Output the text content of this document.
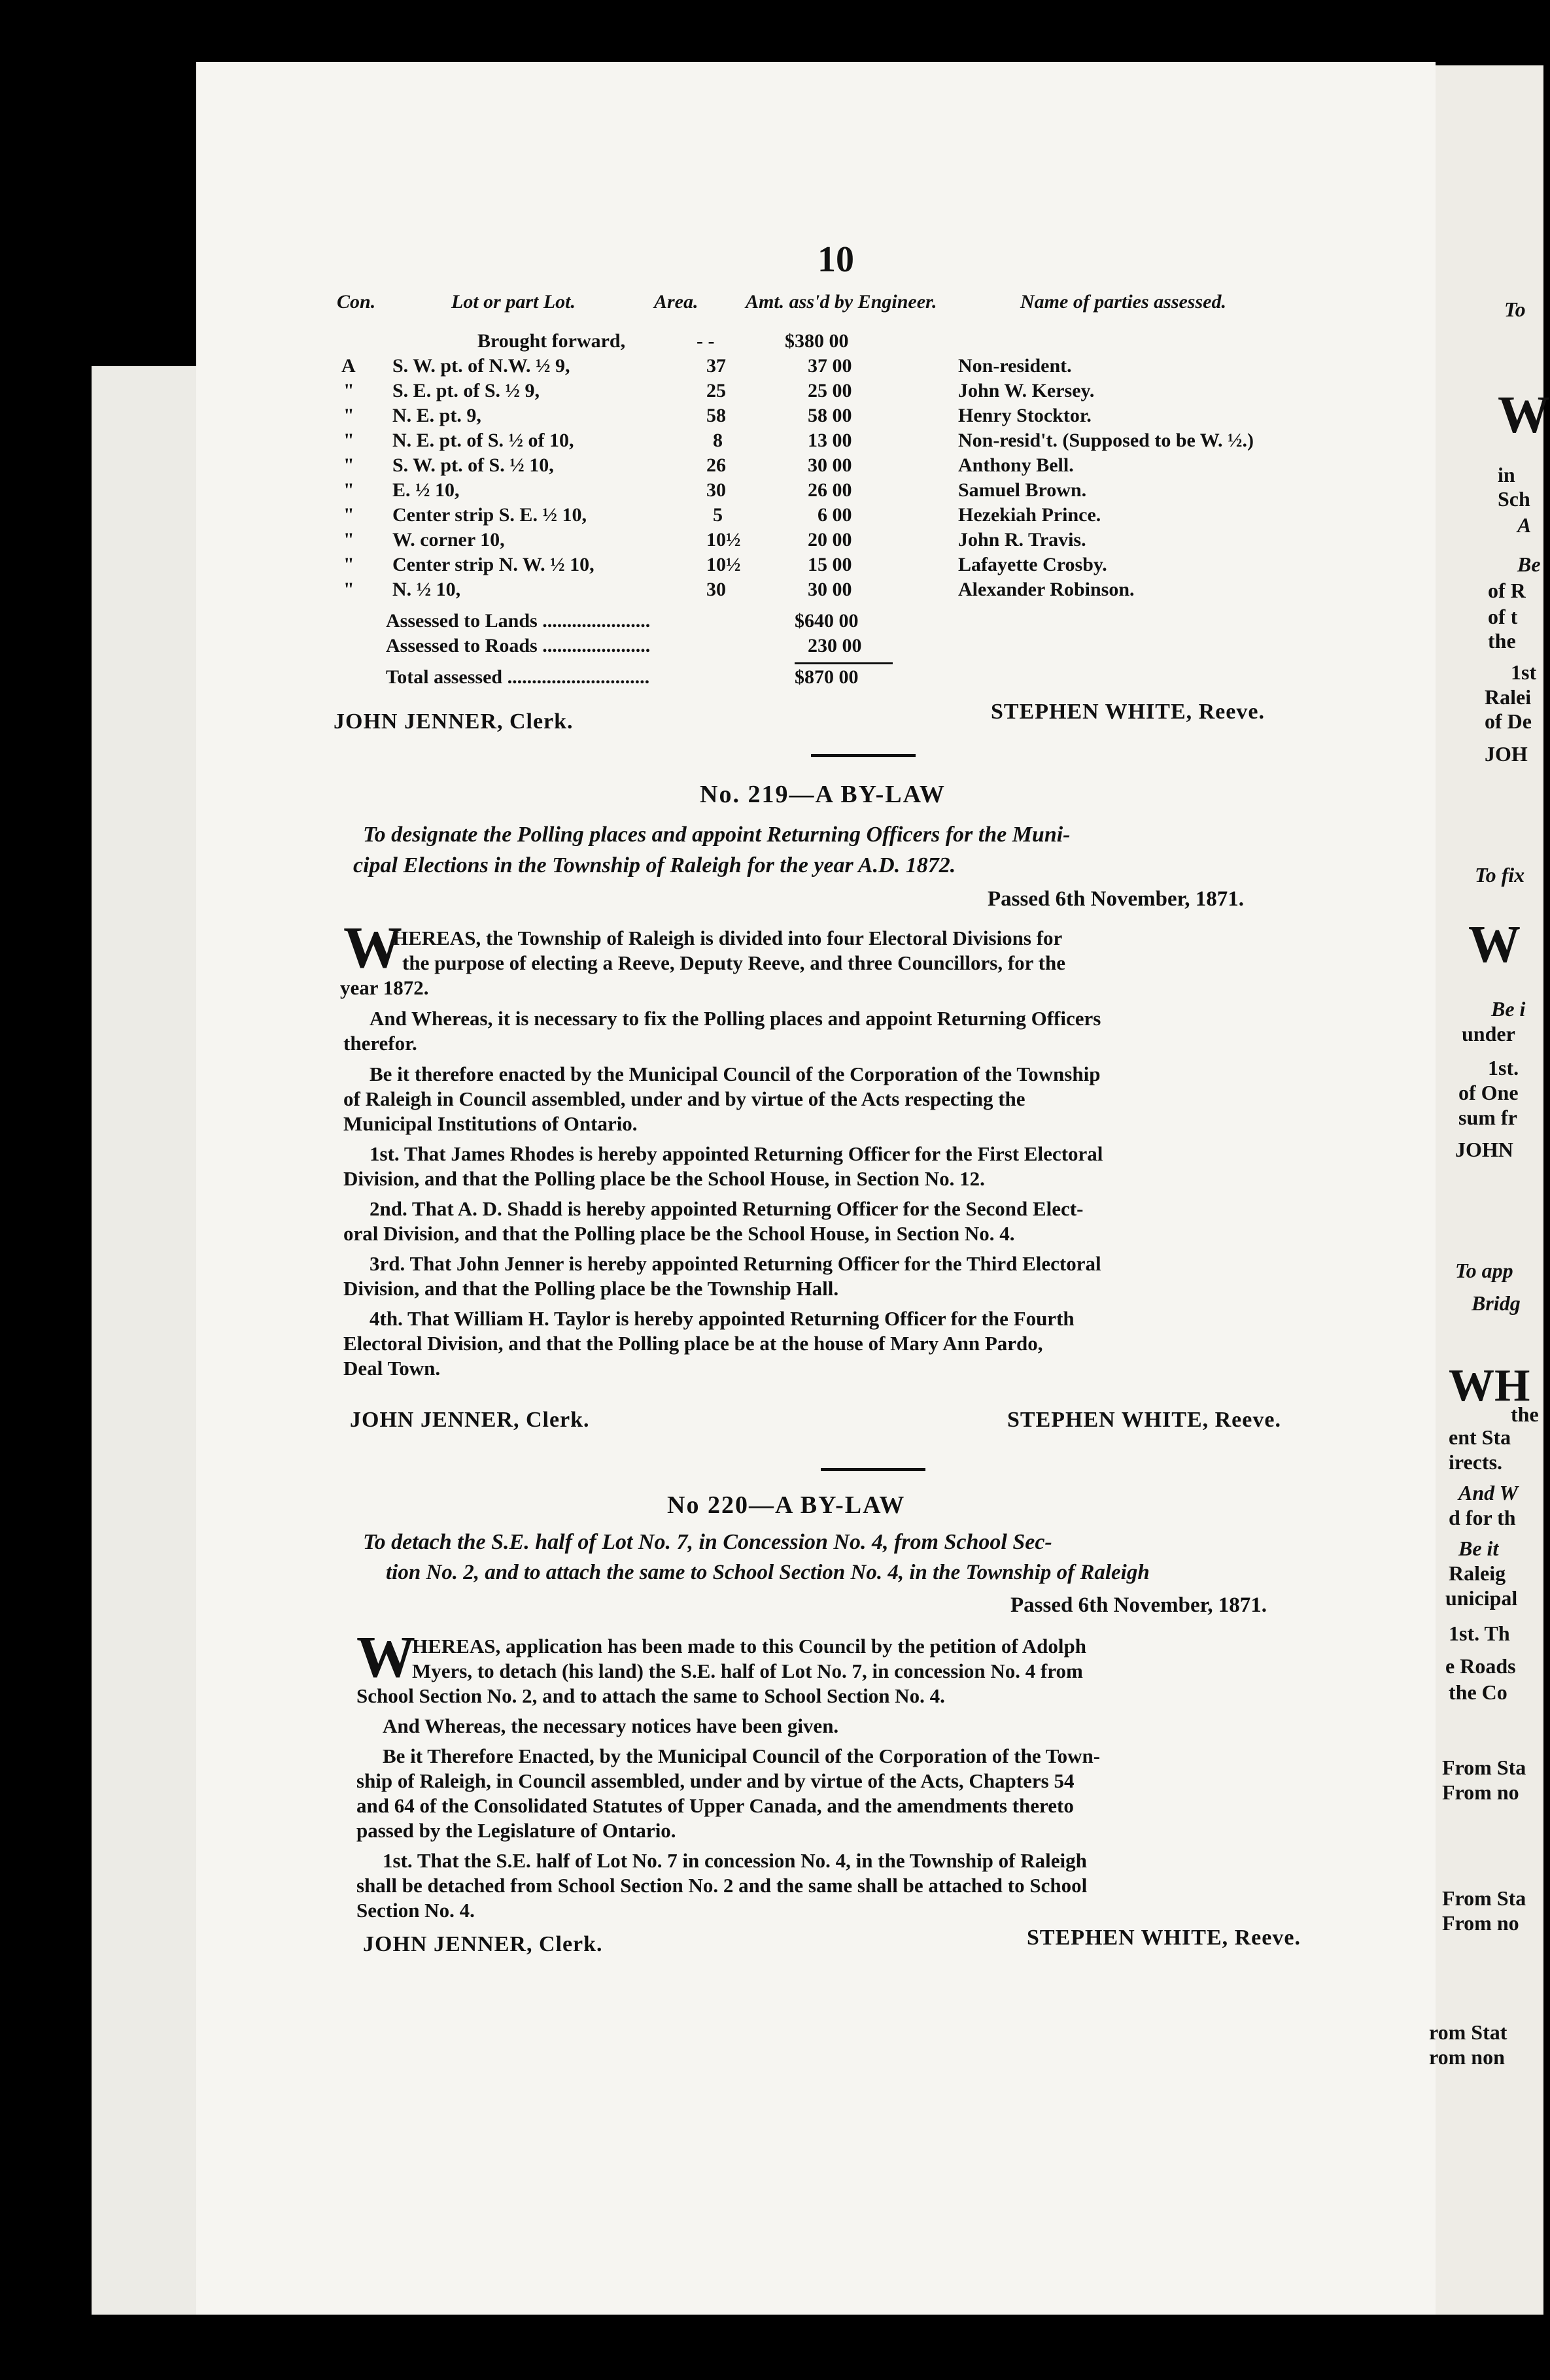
10
Con.	Lot or part Lot.	Area. Amt. ass'd by Engineer.	Name of parties assessed.
Brought forward,	- -	$380 00
A S. W. pt. of N.W. ½ 9,	37	37 00	Non-resident.
" S. E. pt. of S. ½ 9,	25	25 00	John W. Kersey.
" N. E. pt. 9,	58	58 00	Henry Stocktor.
" N. E. pt. of S. ½ of 10,	8	13 00	Non-resid't. (Supposed to be W. ½.)
" S. W. pt. of S. ½ 10,	26	30 00	Anthony Bell.
" E. ½ 10,	30	26 00	Samuel Brown.
" Center strip S. E. ½ 10,	5	6 00	Hezekiah Prince.
" W. corner 10,	10½	20 00	John R. Travis.
" Center strip N. W. ½ 10,	10½	15 00	Lafayette Crosby.
" N. ½ 10,	30	30 00	Alexander Robinson.
Assessed to Lands ......................	$640 00
Assessed to Roads ......................	230 00
Total assessed .............................	$870 00
JOHN JENNER, Clerk.	STEPHEN WHITE, Reeve.
No. 219—A BY-LAW
To designate the Polling places and appoint Returning Officers for the Muni-
cipal Elections in the Township of Raleigh for the year A.D. 1872.
Passed 6th November, 1871.
W
HEREAS, the Township of Raleigh is divided into four Electoral Divisions for
the purpose of electing a Reeve, Deputy Reeve, and three Councillors, for the
year 1872.
And Whereas, it is necessary to fix the Polling places and appoint Returning Officers
therefor.
Be it therefore enacted by the Municipal Council of the Corporation of the Township
of Raleigh in Council assembled, under and by virtue of the Acts respecting the
Municipal Institutions of Ontario.
1st. That James Rhodes is hereby appointed Returning Officer for the First Electoral
Division, and that the Polling place be the School House, in Section No. 12.
2nd. That A. D. Shadd is hereby appointed Returning Officer for the Second Elect-
oral Division, and that the Polling place be the School House, in Section No. 4.
3rd. That John Jenner is hereby appointed Returning Officer for the Third Electoral
Division, and that the Polling place be the Township Hall.
4th. That William H. Taylor is hereby appointed Returning Officer for the Fourth
Electoral Division, and that the Polling place be at the house of Mary Ann Pardo,
Deal Town.
JOHN JENNER, Clerk.	STEPHEN WHITE, Reeve.
No 220—A BY-LAW
To detach the S.E. half of Lot No. 7, in Concession No. 4, from School Sec-
tion No. 2, and to attach the same to School Section No. 4, in the Township of Raleigh
Passed 6th November, 1871.
W
HEREAS, application has been made to this Council by the petition of Adolph
Myers, to detach (his land) the S.E. half of Lot No. 7, in concession No. 4 from
School Section No. 2, and to attach the same to School Section No. 4.
And Whereas, the necessary notices have been given.
Be it Therefore Enacted, by the Municipal Council of the Corporation of the Town-
ship of Raleigh, in Council assembled, under and by virtue of the Acts, Chapters 54
and 64 of the Consolidated Statutes of Upper Canada, and the amendments thereto
passed by the Legislature of Ontario.
1st. That the S.E. half of Lot No. 7 in concession No. 4, in the Township of Raleigh
shall be detached from School Section No. 2 and the same shall be attached to School
Section No. 4.
JOHN JENNER, Clerk.	STEPHEN WHITE, Reeve.
To
W
in
Sch
A
Be
of R
of t
the
1st
Ralei
of De
JOH
To fix
W
Be i
under
1st.
of One
sum fr
JOHN
To app
Bridg
WH
the
ent Sta
irects.
And W
d for th
Be it
Raleig
unicipal
1st. Th
e Roads
the Co
From Sta
From no
From Sta
From no
rom Stat
rom non
